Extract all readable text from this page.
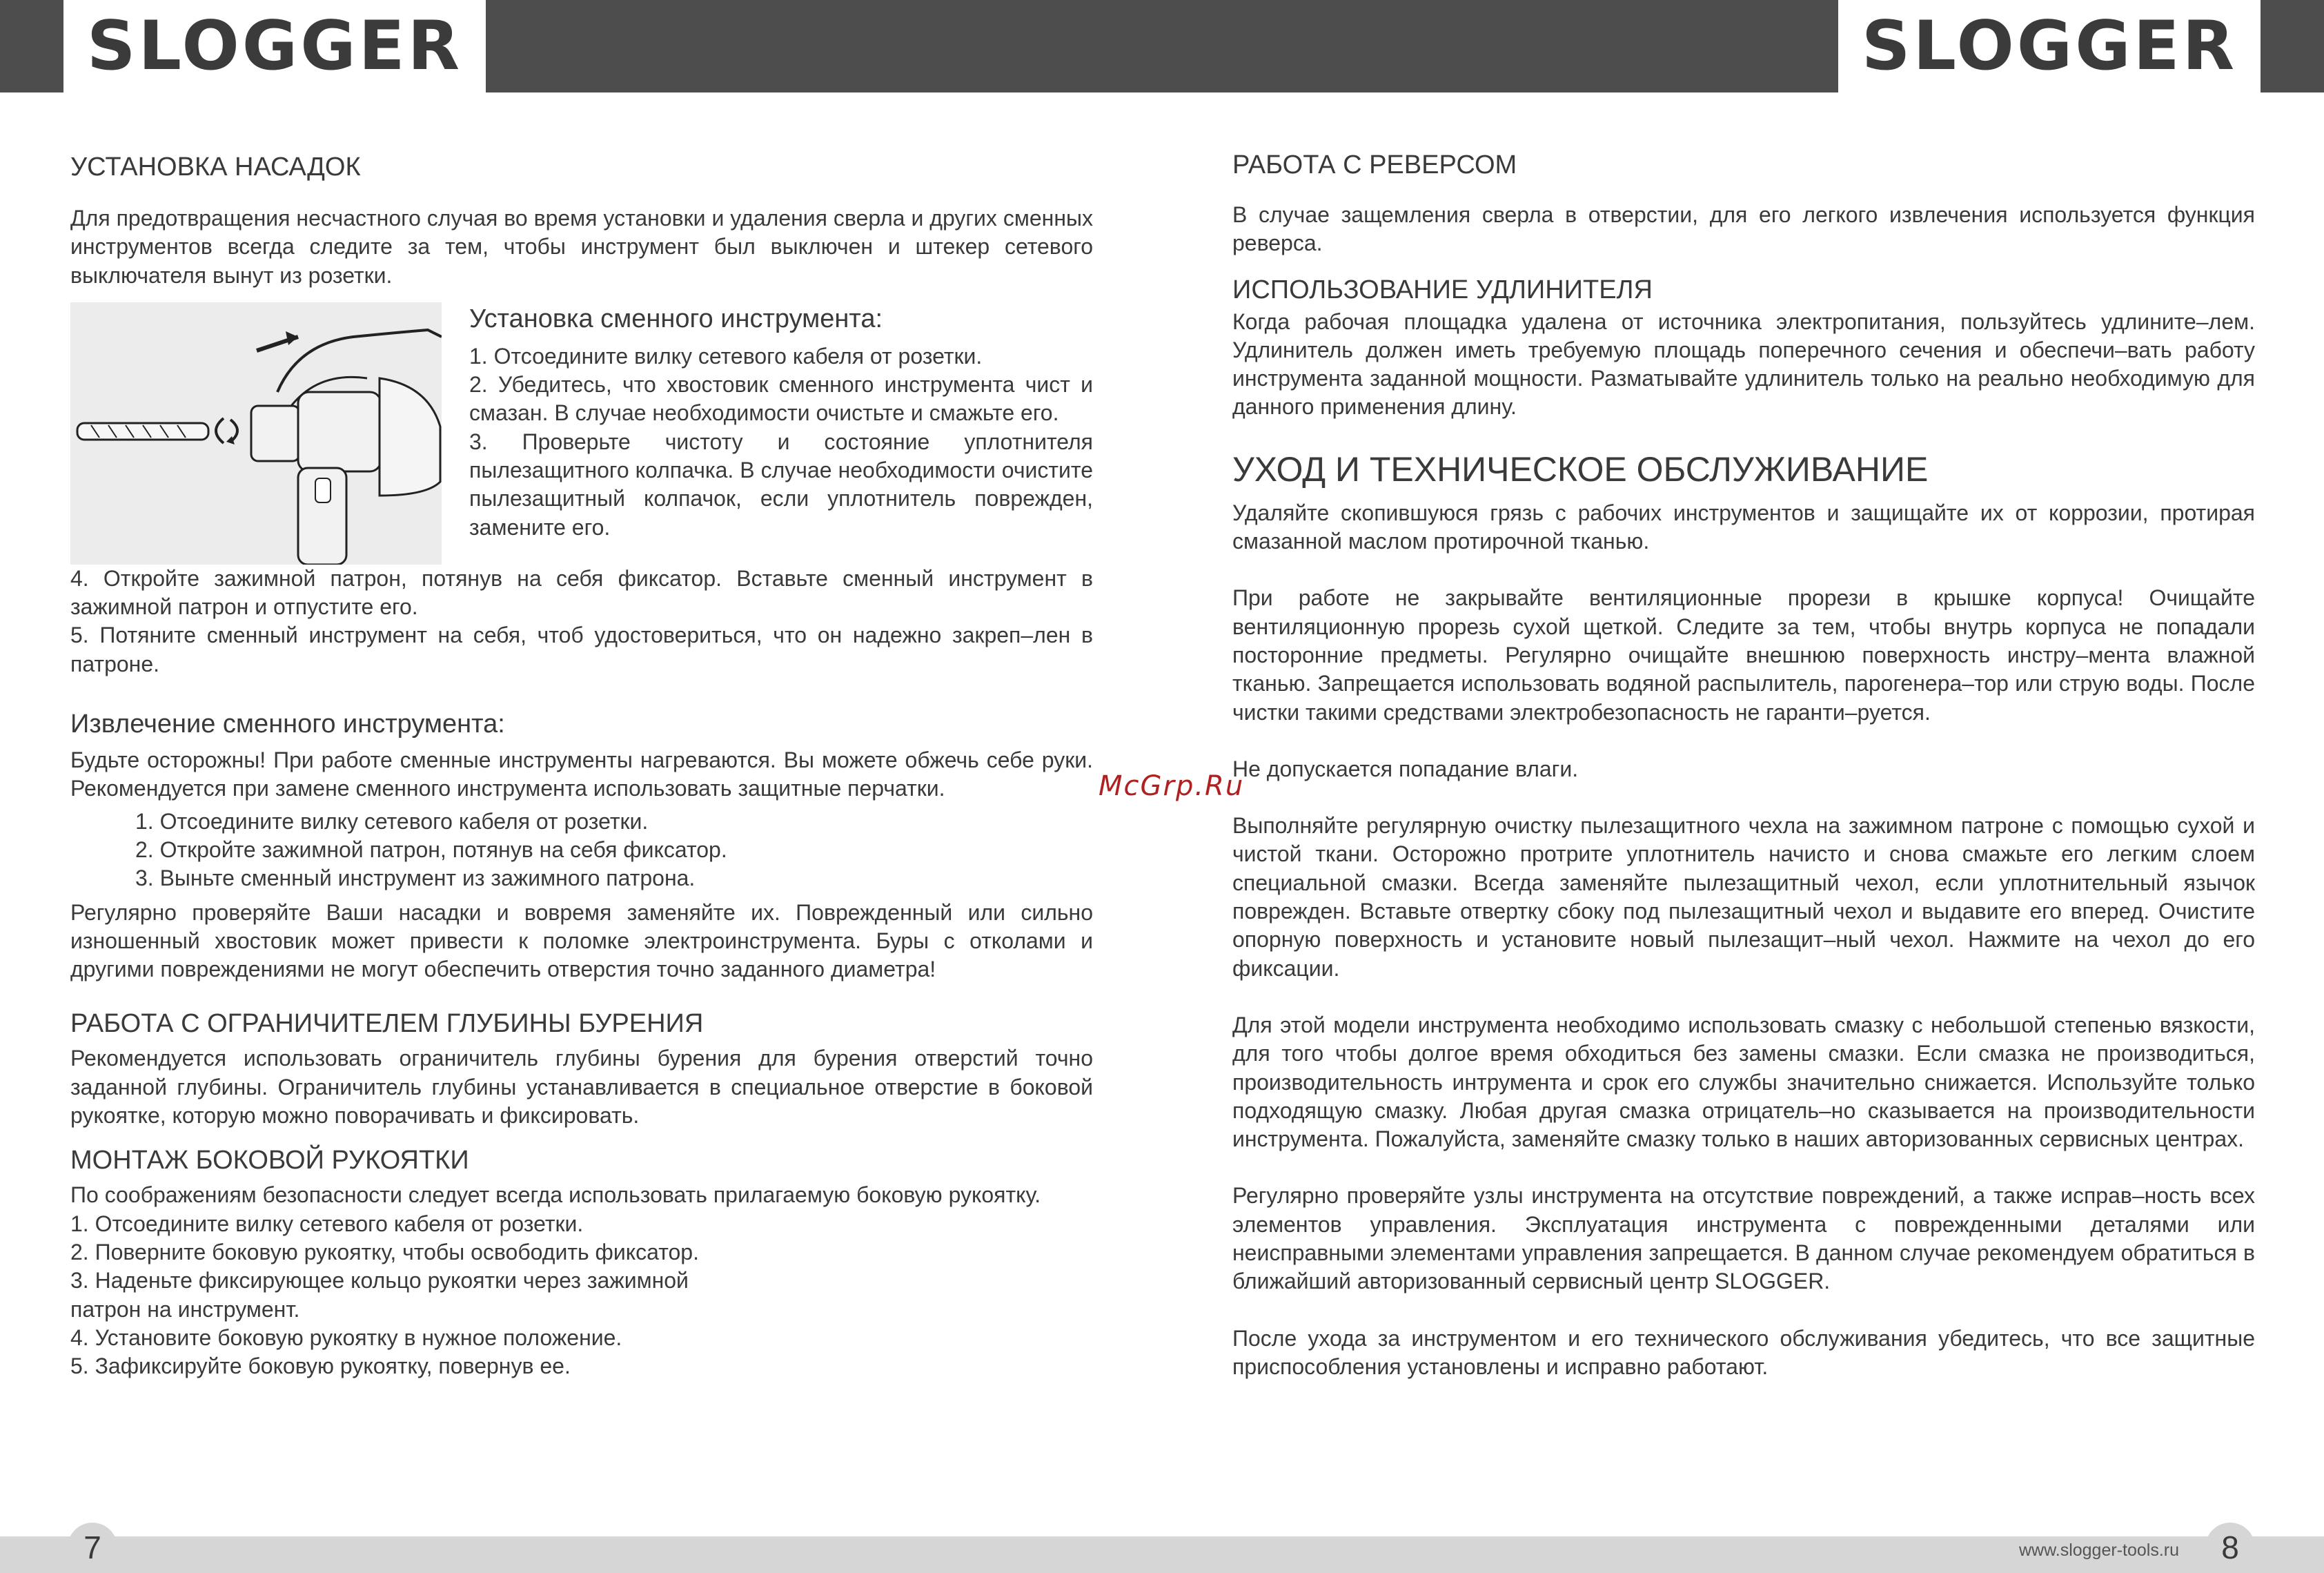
SLOGGER	SLOGGER
УСТАНОВКА НАСАДОК

Для предотвращения несчастного случая во время установки и удаления сверла и других сменных инструментов всегда следите за тем, чтобы инструмент был выключен и штекер сетевого выключателя вынут из розетки.

Установка сменного инструмента:

1. Отсоедините вилку сетевого кабеля от розетки.

2. Убедитесь, что хвостовик сменного инструмента чист и смазан. В случае необходимости очистьте и смажьте его.

3. Проверьте чистоту и состояние уплотнителя пылезащитного колпачка. В случае необходимости очистите пылезащитный колпачок, если уплотнитель поврежден, замените его.

4. Откройте зажимной патрон, потянув на себя фиксатор. Вставьте сменный инструмент в зажимной патрон и отпустите его.

5. Потяните сменный инструмент на себя, чтоб удостовериться, что он надежно закреп–лен в патроне.

Извлечение сменного инструмента:

Будьте осторожны! При работе сменные инструменты нагреваются. Вы можете обжечь себе руки. Рекомендуется при замене сменного инструмента использовать защитные перчатки.

1. Отсоедините вилку сетевого кабеля от розетки.

2. Откройте зажимной патрон, потянув на себя фиксатор.

3. Выньте сменный инструмент из зажимного патрона.

Регулярно проверяйте Ваши насадки и вовремя заменяйте их. Поврежденный или сильно изношенный хвостовик может привести к поломке электроинструмента. Буры с отколами и другими повреждениями не могут обеспечить отверстия точно заданного диаметра!

РАБОТА С ОГРАНИЧИТЕЛЕМ ГЛУБИНЫ БУРЕНИЯ

Рекомендуется использовать ограничитель глубины бурения для бурения отверстий точно заданной глубины. Ограничитель глубины устанавливается в специальное отверстие в боковой рукоятке, которую можно поворачивать и фиксировать.

МОНТАЖ БОКОВОЙ РУКОЯТКИ

По соображениям безопасности следует всегда использовать прилагаемую боковую рукоятку.

1. Отсоедините вилку сетевого кабеля от розетки.

2. Поверните боковую рукоятку, чтобы освободить фиксатор.

3. Наденьте фиксирующее кольцо рукоятки через зажимной

патрон на инструмент.

4. Установите боковую рукоятку в нужное положение.

5. Зафиксируйте боковую рукоятку, повернув ее.

РАБОТА С РЕВЕРСОМ

В случае защемления сверла в отверстии, для его легкого извлечения используется функция реверса.

ИСПОЛЬЗОВАНИЕ УДЛИНИТЕЛЯ

Когда рабочая площадка удалена от источника электропитания, пользуйтесь удлините–лем. Удлинитель должен иметь требуемую площадь поперечного сечения и обеспечи–вать работу инструмента заданной мощности. Разматывайте удлинитель только на реально необходимую для данного применения длину.

УХОД И ТЕХНИЧЕСКОЕ ОБСЛУЖИВАНИЕ

Удаляйте скопившуюся грязь с рабочих инструментов и защищайте их от коррозии, протирая смазанной маслом протирочной тканью.

При работе не закрывайте вентиляционные прорези в крышке корпуса! Очищайте вентиляционную прорезь сухой щеткой. Следите за тем, чтобы внутрь корпуса не попадали посторонние предметы. Регулярно очищайте внешнюю поверхность инстру–мента влажной тканью. Запрещается использовать водяной распылитель, парогенера–тор или струю воды. После чистки такими средствами электробезопасность не гаранти–руется.

Не допускается попадание влаги.

Выполняйте регулярную очистку пылезащитного чехла на зажимном патроне с помощью сухой и чистой ткани. Осторожно протрите уплотнитель начисто и снова смажьте его легким слоем специальной смазки. Всегда заменяйте пылезащитный чехол, если уплотнительный язычок поврежден. Вставьте отвертку сбоку под пылезащитный чехол и выдавите его вперед. Очистите опорную поверхность и установите новый пылезащит–ный чехол. Нажмите на чехол до его фиксации.

Для этой модели инструмента необходимо использовать смазку с небольшой степенью вязкости, для того чтобы долгое время обходиться без замены смазки. Если смазка не производиться, производительность интрумента и срок его службы значительно снижается. Используйте только подходящую смазку. Любая другая смазка отрицатель–но сказывается на производительности инструмента. Пожалуйста, заменяйте смазку только в наших авторизованных сервисных центрах.

Регулярно проверяйте узлы инструмента на отсутствие повреждений, а также исправ–ность всех элементов управления. Эксплуатация инструмента с поврежденными деталями или неисправными элементами управления запрещается. В данном случае рекомендуем обратиться в ближайший авторизованный сервисный центр SLOGGER.

После ухода за инструментом и его технического обслуживания убедитесь, что все защитные приспособления установлены и исправно работают.

McGrp.Ru
7	www.slogger-tools.ru	8
